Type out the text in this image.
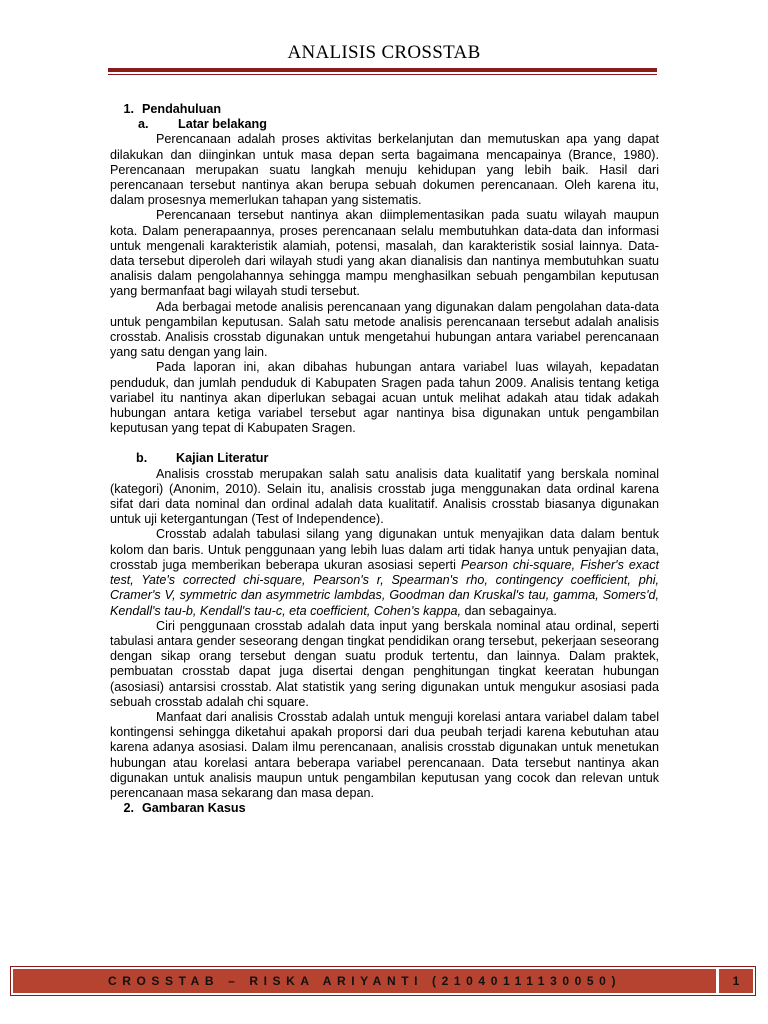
ANALISIS CROSSTAB
1. Pendahuluan
a.	Latar belakang

Perencanaan adalah proses aktivitas berkelanjutan dan memutuskan apa yang dapat dilakukan dan diinginkan untuk masa depan serta bagaimana mencapainya (Brance, 1980). Perencanaan merupakan suatu langkah menuju kehidupan yang lebih baik. Hasil dari perencanaan tersebut nantinya akan berupa sebuah dokumen perencanaan. Oleh karena itu, dalam prosesnya memerlukan tahapan yang sistematis.

Perencanaan tersebut nantinya akan diimplementasikan pada suatu wilayah maupun kota. Dalam penerapaannya, proses perencanaan selalu membutuhkan data-data dan informasi untuk mengenali karakteristik alamiah, potensi, masalah, dan karakteristik sosial lainnya. Data-data tersebut diperoleh dari wilayah studi yang akan dianalisis dan nantinya membutuhkan suatu analisis dalam pengolahannya sehingga mampu menghasilkan sebuah pengambilan keputusan yang bermanfaat bagi wilayah studi tersebut.

Ada berbagai metode analisis perencanaan yang digunakan dalam pengolahan data-data untuk pengambilan keputusan. Salah satu metode analisis perencanaan tersebut adalah analisis crosstab. Analisis crosstab digunakan untuk mengetahui hubungan antara variabel perencanaan yang satu dengan yang lain.

Pada laporan ini, akan dibahas hubungan antara variabel luas wilayah, kepadatan penduduk, dan jumlah penduduk di Kabupaten Sragen pada tahun 2009. Analisis tentang ketiga variabel itu nantinya akan diperlukan sebagai acuan untuk melihat adakah atau tidak adakah hubungan antara ketiga variabel tersebut agar nantinya bisa digunakan untuk pengambilan keputusan yang tepat di Kabupaten Sragen.

b.	Kajian Literatur

Analisis crosstab merupakan salah satu analisis data kualitatif yang berskala nominal (kategori) (Anonim, 2010). Selain itu, analisis crosstab juga menggunakan data ordinal karena sifat dari data nominal dan ordinal adalah data kualitatif. Analisis crosstab biasanya digunakan untuk uji ketergantungan (Test of Independence).

Crosstab adalah tabulasi silang yang digunakan untuk menyajikan data dalam bentuk kolom dan baris. Untuk penggunaan yang lebih luas dalam arti tidak hanya untuk penyajian data, crosstab juga memberikan beberapa ukuran asosiasi seperti Pearson chi-square, Fisher's exact test, Yate's corrected chi-square, Pearson's r, Spearman's rho, contingency coefficient, phi, Cramer's V, symmetric dan asymmetric lambdas, Goodman dan Kruskal's tau, gamma, Somers'd, Kendall's tau-b, Kendall's tau-c, eta coefficient, Cohen's kappa, dan sebagainya.

Ciri penggunaan crosstab adalah data input yang berskala nominal atau ordinal, seperti tabulasi antara gender seseorang dengan tingkat pendidikan orang tersebut, pekerjaan seseorang dengan sikap orang tersebut dengan suatu produk tertentu, dan lainnya. Dalam praktek, pembuatan crosstab dapat juga disertai dengan penghitungan tingkat keeratan hubungan (asosiasi) antarsisi crosstab. Alat statistik yang sering digunakan untuk mengukur asosiasi pada sebuah crosstab adalah chi square.

Manfaat dari analisis Crosstab adalah untuk menguji korelasi antara variabel dalam tabel kontingensi sehingga diketahui apakah proporsi dari dua peubah terjadi karena kebutuhan atau karena adanya asosiasi. Dalam ilmu perencanaan, analisis crosstab digunakan untuk menetukan hubungan atau korelasi antara beberapa variabel perencanaan. Data tersebut nantinya akan digunakan untuk analisis maupun untuk pengambilan keputusan yang cocok dan relevan untuk perencanaan masa sekarang dan masa depan.

2. Gambaran Kasus
CROSSTAB – RISKA ARIYANTI (21040111130050)	1
